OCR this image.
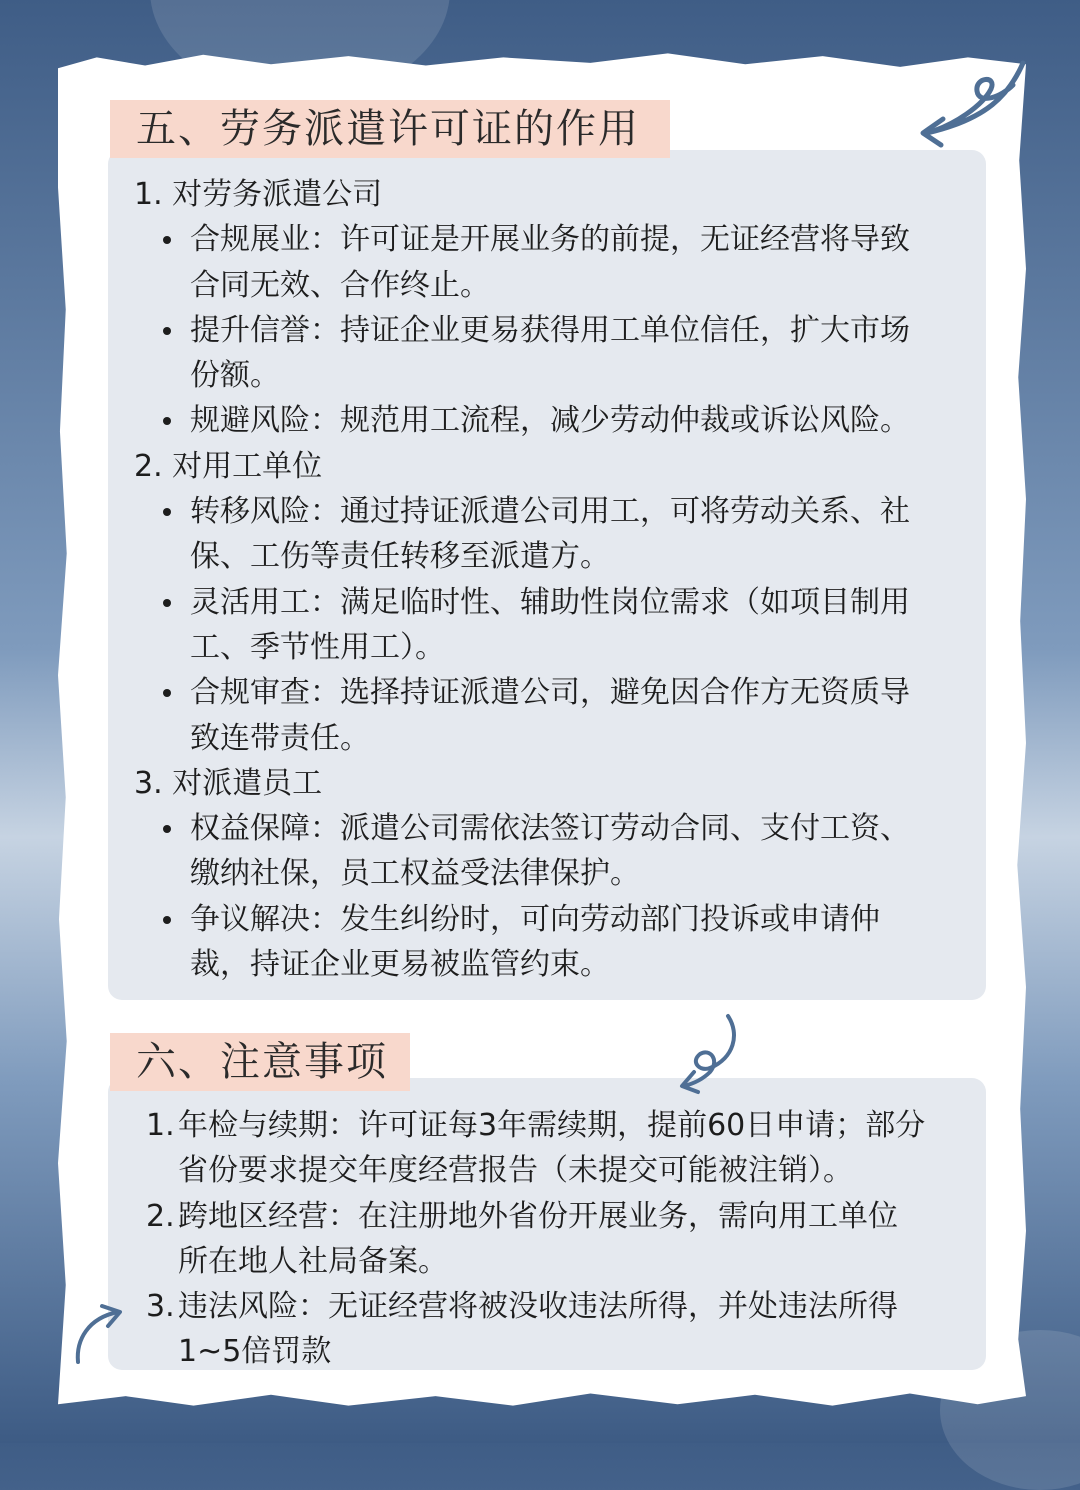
五、劳务派遣许可证的作用
1. 对劳务派遣公司
合规展业：许可证是开展业务的前提，无证经营将导致
合同无效、合作终止。
提升信誉：持证企业更易获得用工单位信任，扩大市场
份额。
规避风险：规范用工流程，减少劳动仲裁或诉讼风险。
2. 对用工单位
转移风险：通过持证派遣公司用工，可将劳动关系、社
保、工伤等责任转移至派遣方。
灵活用工：满足临时性、辅助性岗位需求（如项目制用
工、季节性用工）。
合规审查：选择持证派遣公司，避免因合作方无资质导
致连带责任。
3. 对派遣员工
权益保障：派遣公司需依法签订劳动合同、支付工资、
缴纳社保，员工权益受法律保护。
争议解决：发生纠纷时，可向劳动部门投诉或申请仲
裁，持证企业更易被监管约束。
六、注意事项
1. 年检与续期：许可证每3年需续期，提前60日申请；部分
省份要求提交年度经营报告（未提交可能被注销）。
2. 跨地区经营：在注册地外省份开展业务，需向用工单位
所在地人社局备案。
3. 违法风险：无证经营将被没收违法所得，并处违法所得
1~5倍罚款
